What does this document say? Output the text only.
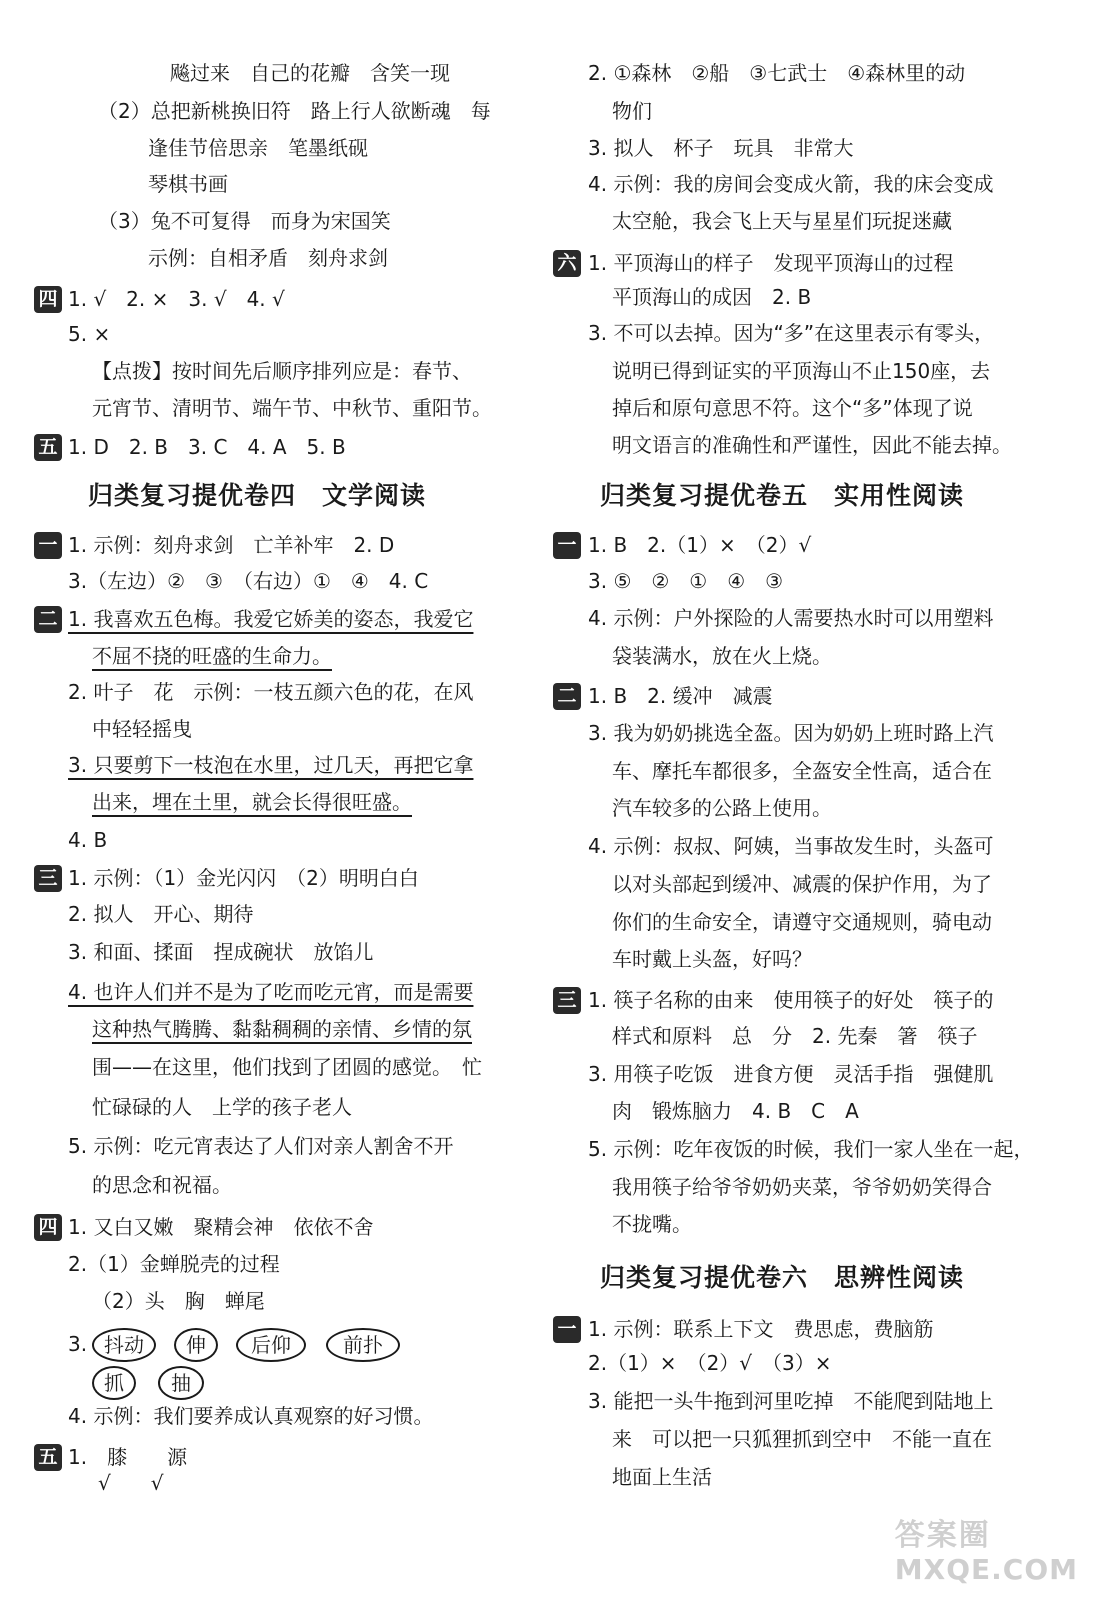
飚过来　自己的花瓣　含笑一现
（2）总把新桃换旧符　路上行人欲断魂　每
逢佳节倍思亲　笔墨纸砚
琴棋书画
（3）兔不可复得　而身为宋国笑
示例：自相矛盾　刻舟求剑
四 1. √　2. ×　3. √　4. √
5. ×
【点拨】按时间先后顺序排列应是：春节、
元宵节、清明节、端午节、中秋节、重阳节。
五 1. D　2. B　3. C　4. A　5. B
归类复习提优卷四　文学阅读
一 1. 示例：刻舟求剑　亡羊补牢　2. D
3.（左边）②　③　（右边）①　④　4. C
二 1. 我喜欢五色梅。我爱它娇美的姿态，我爱它
不屈不挠的旺盛的生命力。
2. 叶子　花　示例：一枝五颜六色的花，在风
中轻轻摇曳
3. 只要剪下一枝泡在水里，过几天，再把它拿
出来，埋在土里，就会长得很旺盛。
4. B
三 1. 示例：（1）金光闪闪　（2）明明白白
2. 拟人　开心、期待
3. 和面、揉面　捏成碗状　放馅儿
4. 也许人们并不是为了吃而吃元宵，而是需要
这种热气腾腾、黏黏稠稠的亲情、乡情的氛
围——在这里，他们找到了团圆的感觉。　忙
忙碌碌的人　上学的孩子老人
5. 示例：吃元宵表达了人们对亲人割舍不开
的思念和祝福。
四 1. 又白又嫩　聚精会神　依依不舍
2.（1）金蝉脱壳的过程
（2）头　胸　蝉尾
3. 抖动	伸	后仰	前扑
抓	抽
4. 示例：我们要养成认真观察的好习惯。
五 1.　膝　　源
√　　√
2. ①森林　②船　③七武士　④森林里的动
物们
3. 拟人　杯子　玩具　非常大
4. 示例：我的房间会变成火箭，我的床会变成
太空舱，我会飞上天与星星们玩捉迷藏
六 1. 平顶海山的样子　发现平顶海山的过程
平顶海山的成因　2. B
3. 不可以去掉。因为“多”在这里表示有零头，
说明已得到证实的平顶海山不止150座，去
掉后和原句意思不符。这个“多”体现了说
明文语言的准确性和严谨性，因此不能去掉。
归类复习提优卷五　实用性阅读
一 1. B　2.（1）×　（2）√
3. ⑤　②　①　④　③
4. 示例：户外探险的人需要热水时可以用塑料
袋装满水，放在火上烧。
二 1. B　2. 缓冲　减震
3. 我为奶奶挑选全盔。因为奶奶上班时路上汽
车、摩托车都很多，全盔安全性高，适合在
汽车较多的公路上使用。
4. 示例：叔叔、阿姨，当事故发生时，头盔可
以对头部起到缓冲、减震的保护作用，为了
你们的生命安全，请遵守交通规则，骑电动
车时戴上头盔，好吗？
三 1. 筷子名称的由来　使用筷子的好处　筷子的
样式和原料　总　分　2. 先秦　箸　筷子
3. 用筷子吃饭　进食方便　灵活手指　强健肌
肉　锻炼脑力　4. B　C　A
5. 示例：吃年夜饭的时候，我们一家人坐在一起，
我用筷子给爷爷奶奶夹菜，爷爷奶奶笑得合
不拢嘴。
归类复习提优卷六　思辨性阅读
一 1. 示例：联系上下文　费思虑，费脑筋
2.（1）×　（2）√　（3）×
3. 能把一头牛拖到河里吃掉　不能爬到陆地上
来　可以把一只狐狸抓到空中　不能一直在
地面上生活
答案圈
MXQE.COM
